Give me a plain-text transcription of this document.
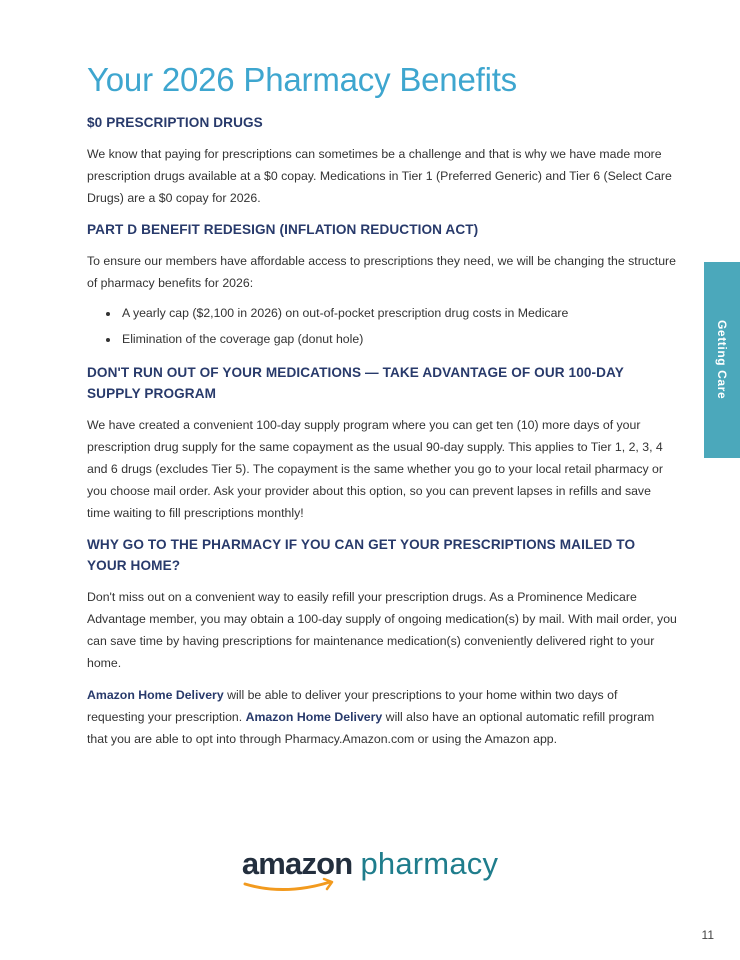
Your 2026 Pharmacy Benefits
$0 PRESCRIPTION DRUGS

We know that paying for prescriptions can sometimes be a challenge and that is why we have made more prescription drugs available at a $0 copay. Medications in Tier 1 (Preferred Generic) and Tier 6 (Select Care Drugs) are a $0 copay for 2026.

PART D BENEFIT REDESIGN (INFLATION REDUCTION ACT)

To ensure our members have affordable access to prescriptions they need, we will be changing the structure of pharmacy benefits for 2026:

• A yearly cap ($2,100 in 2026) on out-of-pocket prescription drug costs in Medicare
• Elimination of the coverage gap (donut hole)
DON'T RUN OUT OF YOUR MEDICATIONS — TAKE ADVANTAGE OF OUR 100-DAY SUPPLY PROGRAM

We have created a convenient 100-day supply program where you can get ten (10) more days of your prescription drug supply for the same copayment as the usual 90-day supply. This applies to Tier 1, 2, 3, 4 and 6 drugs (excludes Tier 5). The copayment is the same whether you go to your local retail pharmacy or you choose mail order. Ask your provider about this option, so you can prevent lapses in refills and save time waiting to fill prescriptions monthly!

WHY GO TO THE PHARMACY IF YOU CAN GET YOUR PRESCRIPTIONS MAILED TO YOUR HOME?

Don't miss out on a convenient way to easily refill your prescription drugs. As a Prominence Medicare Advantage member, you may obtain a 100-day supply of ongoing medication(s) by mail. With mail order, you can save time by having prescriptions for maintenance medication(s) conveniently delivered right to your home.

Amazon Home Delivery will be able to deliver your prescriptions to your home within two days of requesting your prescription. Amazon Home Delivery will also have an optional automatic refill program that you are able to opt into through Pharmacy.Amazon.com or using the Amazon app.

Getting Care
amazon pharmacy
11
